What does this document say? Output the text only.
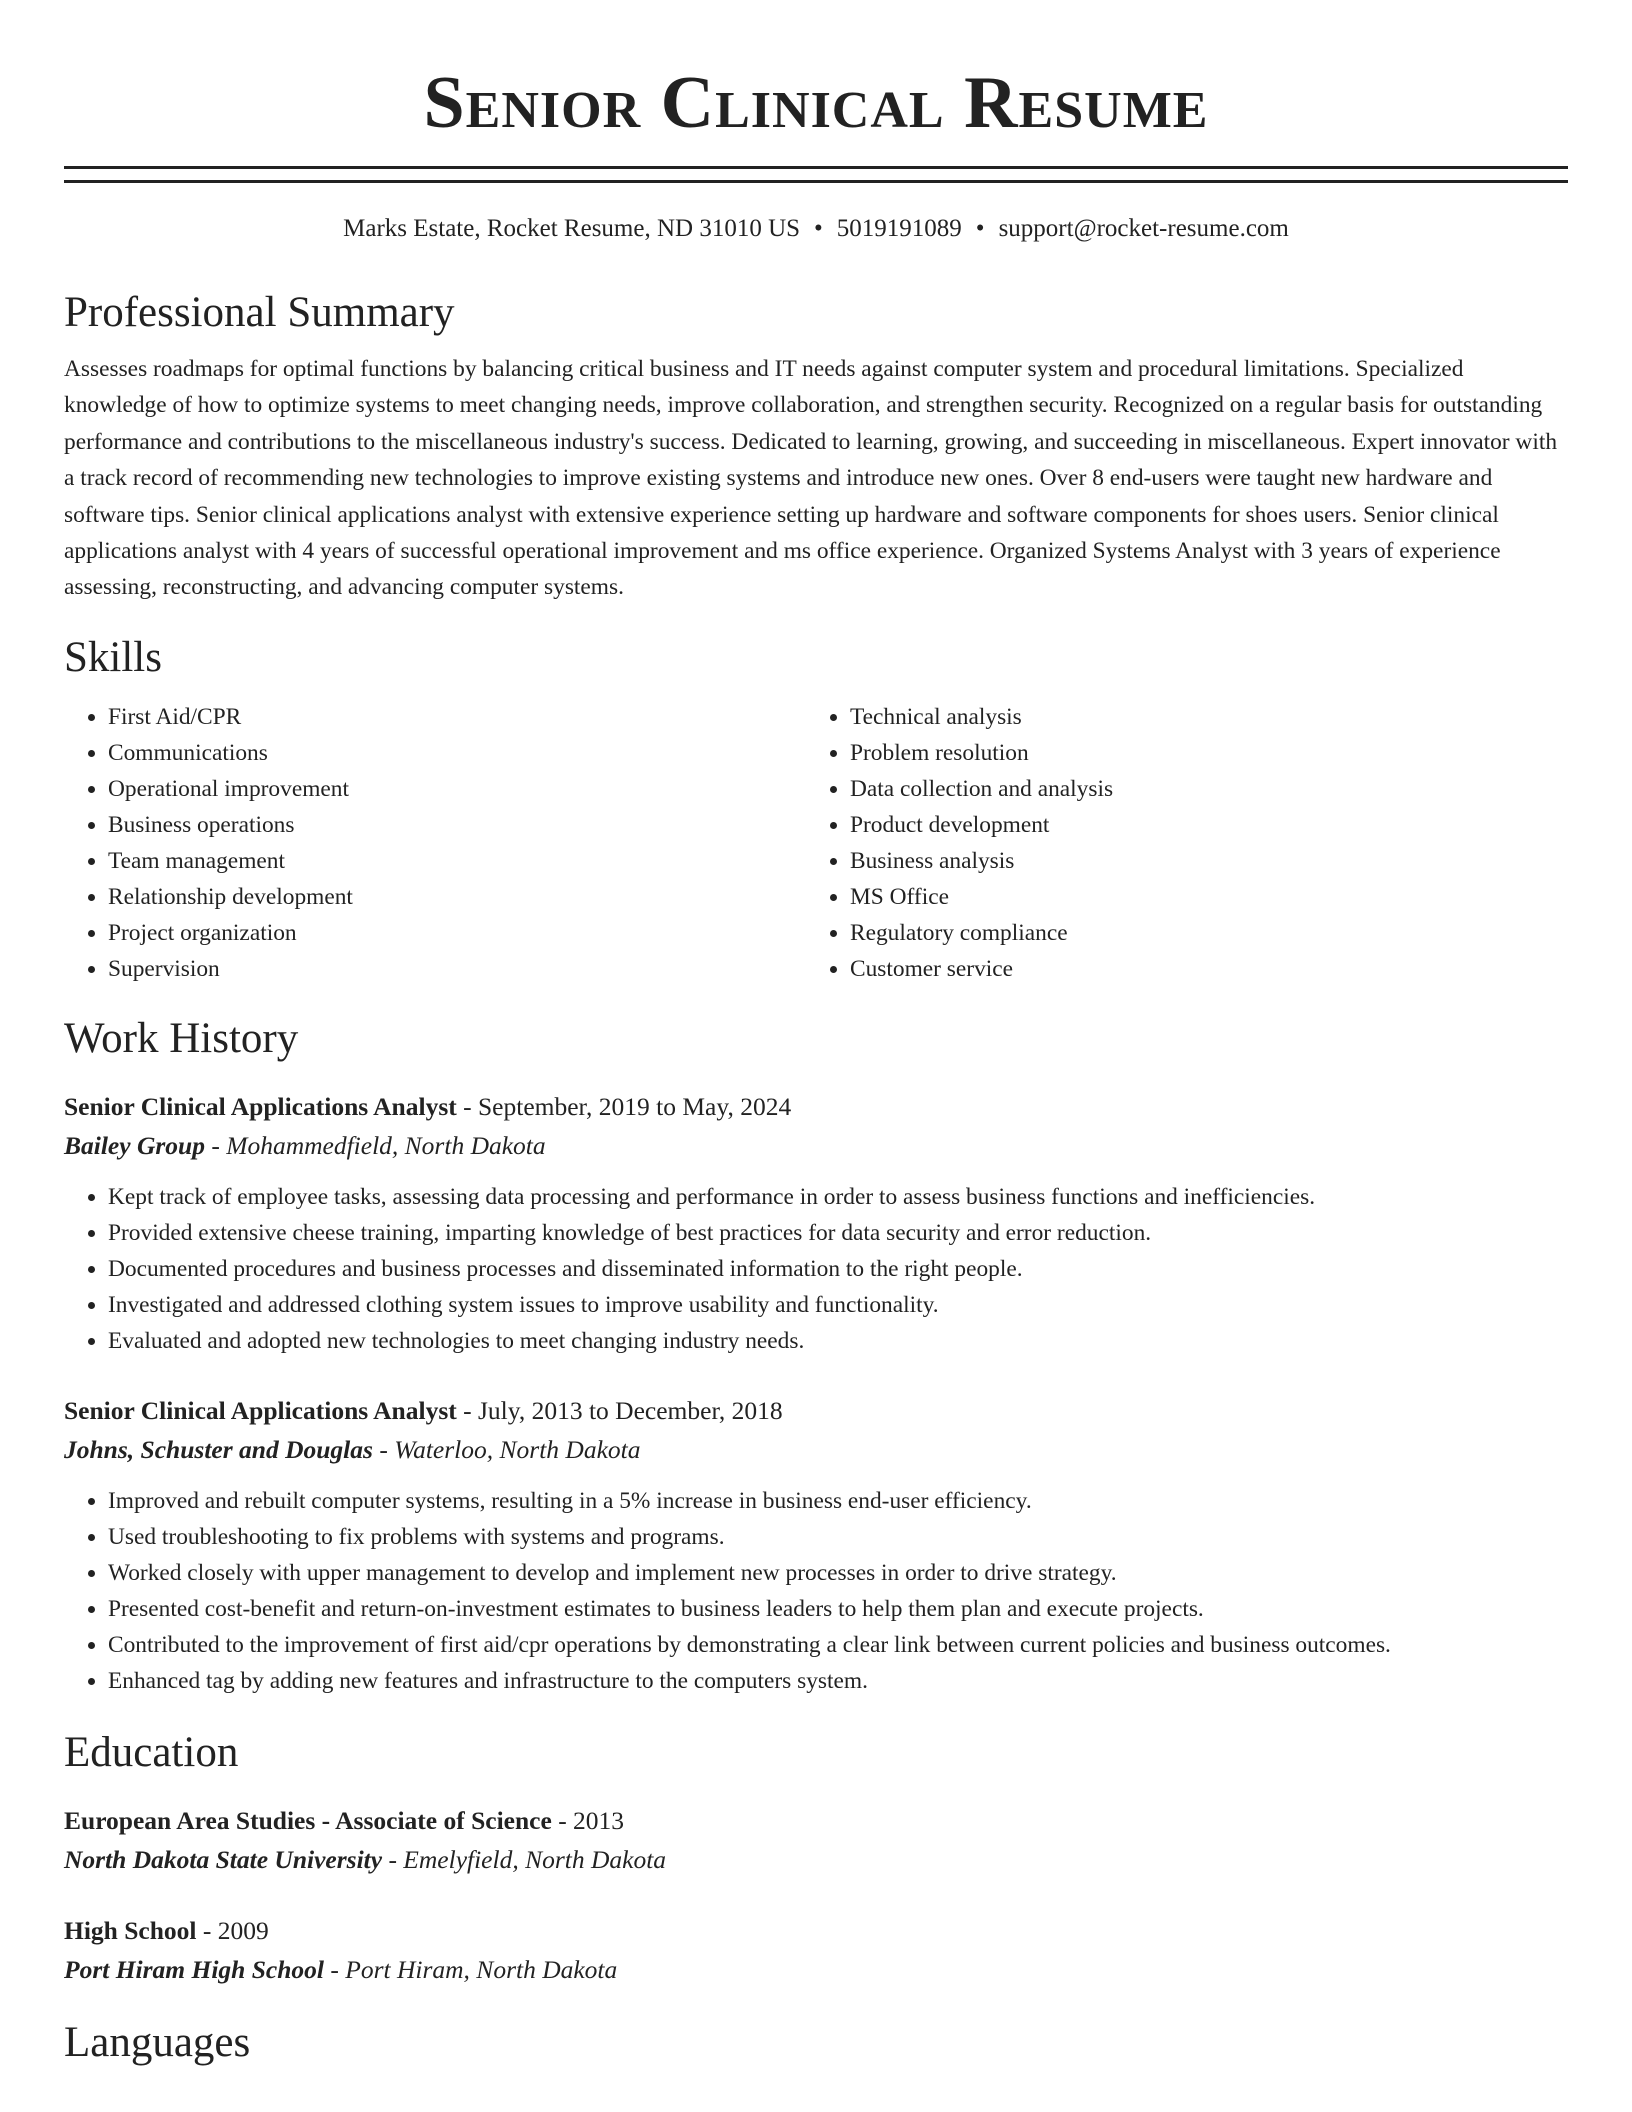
Senior Clinical Resume
Marks Estate, Rocket Resume, ND 31010 US • 5019191089 • support@rocket-resume.com
Professional Summary

Assesses roadmaps for optimal functions by balancing critical business and IT needs against computer system and procedural limitations. Specialized knowledge of how to optimize systems to meet changing needs, improve collaboration, and strengthen security. Recognized on a regular basis for outstanding performance and contributions to the miscellaneous industry's success. Dedicated to learning, growing, and succeeding in miscellaneous. Expert innovator with a track record of recommending new technologies to improve existing systems and introduce new ones. Over 8 end-users were taught new hardware and software tips. Senior clinical applications analyst with extensive experience setting up hardware and software components for shoes users. Senior clinical applications analyst with 4 years of successful operational improvement and ms office experience. Organized Systems Analyst with 3 years of experience assessing, reconstructing, and advancing computer systems.

Skills
• First Aid/CPR
• Communications
• Operational improvement
• Business operations
• Team management
• Relationship development
• Project organization
• Supervision
• Technical analysis
• Problem resolution
• Data collection and analysis
• Product development
• Business analysis
• MS Office
• Regulatory compliance
• Customer service
Work History
Senior Clinical Applications Analyst - September, 2019 to May, 2024
Bailey Group - Mohammedfield, North Dakota
• Kept track of employee tasks, assessing data processing and performance in order to assess business functions and inefficiencies.
• Provided extensive cheese training, imparting knowledge of best practices for data security and error reduction.
• Documented procedures and business processes and disseminated information to the right people.
• Investigated and addressed clothing system issues to improve usability and functionality.
• Evaluated and adopted new technologies to meet changing industry needs.
Senior Clinical Applications Analyst - July, 2013 to December, 2018
Johns, Schuster and Douglas - Waterloo, North Dakota
• Improved and rebuilt computer systems, resulting in a 5% increase in business end-user efficiency.
• Used troubleshooting to fix problems with systems and programs.
• Worked closely with upper management to develop and implement new processes in order to drive strategy.
• Presented cost-benefit and return-on-investment estimates to business leaders to help them plan and execute projects.
• Contributed to the improvement of first aid/cpr operations by demonstrating a clear link between current policies and business outcomes.
• Enhanced tag by adding new features and infrastructure to the computers system.
Education
European Area Studies - Associate of Science - 2013
North Dakota State University - Emelyfield, North Dakota
High School - 2009
Port Hiram High School - Port Hiram, North Dakota
Languages
